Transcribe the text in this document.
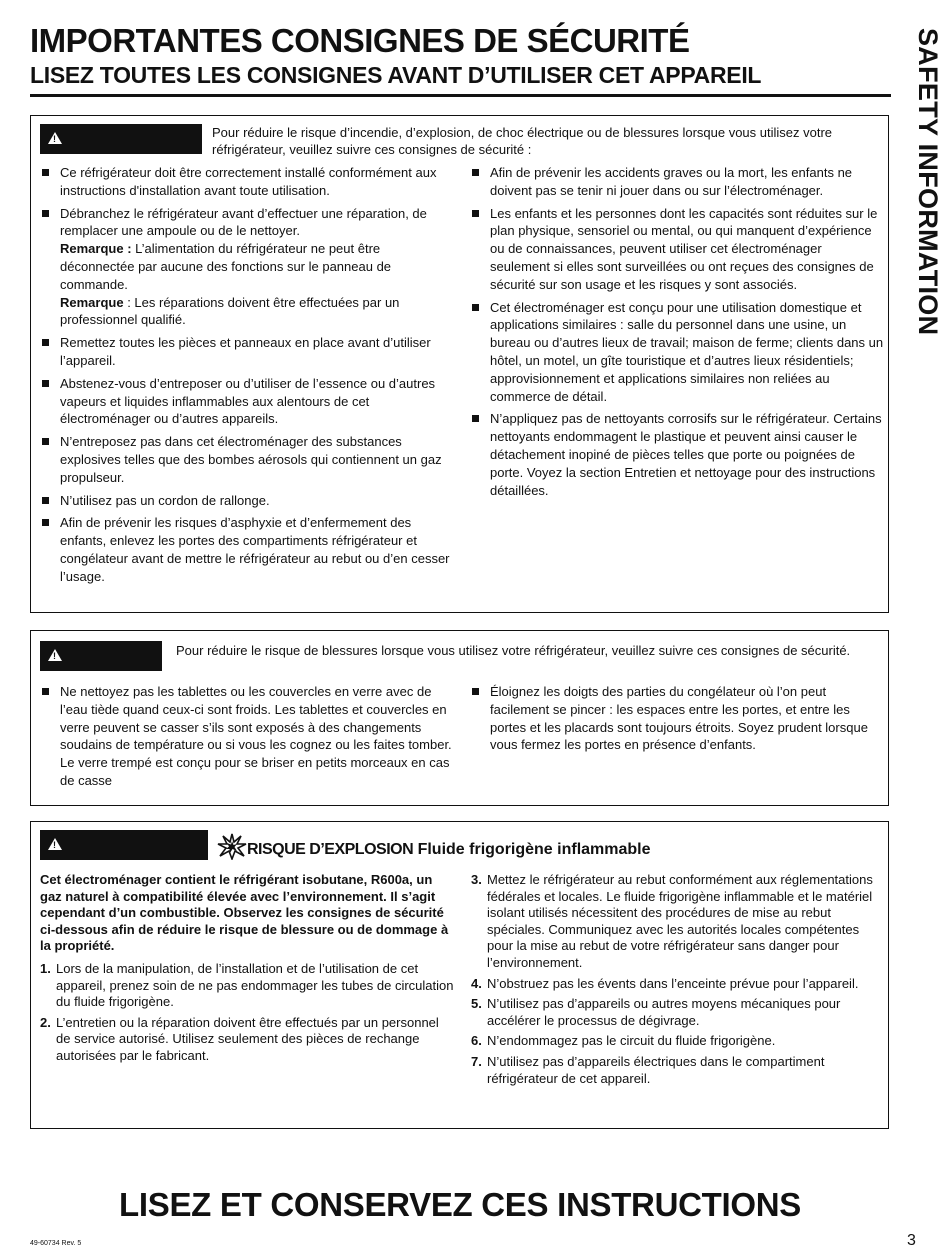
IMPORTANTES CONSIGNES DE SÉCURITÉ
LISEZ TOUTES LES CONSIGNES AVANT D’UTILISER CET APPAREIL	SAFETY INFORMATION
!
Pour réduire le risque d’incendie, d’explosion, de choc électrique ou de blessures lorsque vous utilisez votre réfrigérateur, veuillez suivre ces consignes de sécurité :
Ce réfrigérateur doit être correctement installé conformément aux instructions d'installation avant toute utilisation.
Débranchez le réfrigérateur avant d’effectuer une réparation, de remplacer une ampoule ou de le nettoyer.
Remarque : L’alimentation du réfrigérateur ne peut être déconnectée par aucune des fonctions sur le panneau de commande.
Remarque : Les réparations doivent être effectuées par un professionnel qualifié.
Remettez toutes les pièces et panneaux en place avant d’utiliser l’appareil.
Abstenez-vous d’entreposer ou d’utiliser de l’essence ou d’autres vapeurs et liquides inflammables aux alentours de cet électroménager ou d’autres appareils.
N’entreposez pas dans cet électroménager des substances explosives telles que des bombes aérosols qui contiennent un gaz propulseur.
N’utilisez pas un cordon de rallonge.
Afin de prévenir les risques d’asphyxie et d’enfermement des enfants, enlevez les portes des compartiments réfrigérateur et congélateur avant de mettre le réfrigérateur au rebut ou d’en cesser l’usage.
Afin de prévenir les accidents graves ou la mort, les enfants ne doivent pas se tenir ni jouer dans ou sur l’électroménager.
Les enfants et les personnes dont les capacités sont réduites sur le plan physique, sensoriel ou mental, ou qui manquent d’expérience ou de connaissances, peuvent utiliser cet électroménager seulement si elles sont surveillées ou ont reçues des consignes de sécurité sur son usage et les risques y sont associés.
Cet électroménager est conçu pour une utilisation domestique et applications similaires : salle du personnel dans une usine, un bureau ou d’autres lieux de travail; maison de ferme; clients dans un hôtel, un motel, un gîte touristique et d’autres lieux résidentiels; approvisionnement et applications similaires non reliées au commerce de détail.
N’appliquez pas de nettoyants corrosifs sur le réfrigérateur. Certains nettoyants endommagent le plastique et peuvent ainsi causer le détachement inopiné de pièces telles que porte ou poignées de porte. Voyez la section Entretien et nettoyage pour des instructions détaillées.
!
Pour réduire le risque de blessures lorsque vous utilisez votre réfrigérateur, veuillez suivre ces consignes de sécurité.
Ne nettoyez pas les tablettes ou les couvercles en verre avec de l’eau tiède quand ceux-ci sont froids. Les tablettes et couvercles en verre peuvent se casser s’ils sont exposés à des changements soudains de température ou si vous les cognez ou les faites tomber. Le verre trempé est conçu pour se briser en petits morceaux en cas de casse
Éloignez les doigts des parties du congélateur où l’on peut facilement se pincer : les espaces entre les portes, et entre les portes et les placards sont toujours étroits. Soyez prudent lorsque vous fermez les portes en présence d’enfants.
!
RISQUE D’EXPLOSION Fluide frigorigène inflammable
Cet électroménager contient le réfrigérant isobutane, R600a, un gaz naturel à compatibilité élevée avec l’environnement. Il s’agit cependant d’un combustible. Observez les consignes de sécurité ci-dessous afin de réduire le risque de blessure ou de dommage à la propriété.
1. Lors de la manipulation, de l’installation et de l’utilisation de cet appareil, prenez soin de ne pas endommager les tubes de circulation du fluide frigorigène.
2. L’entretien ou la réparation doivent être effectués par un personnel de service autorisé. Utilisez seulement des pièces de rechange autorisées par le fabricant.
3. Mettez le réfrigérateur au rebut conformément aux réglementations fédérales et locales. Le fluide frigorigène inflammable et le matériel isolant utilisés nécessitent des procédures de mise au rebut spéciales. Communiquez avec les autorités locales compétentes pour la mise au rebut de votre réfrigérateur sans danger pour l’environnement.
4. N’obstruez pas les évents dans l’enceinte prévue pour l’appareil.
5. N’utilisez pas d’appareils ou autres moyens mécaniques pour accélérer le processus de dégivrage.
6. N’endommagez pas le circuit du fluide frigorigène.
7. N’utilisez pas d’appareils électriques dans le compartiment réfrigérateur de cet appareil.
LISEZ ET CONSERVEZ CES INSTRUCTIONS
49-60734 Rev. 5	3
